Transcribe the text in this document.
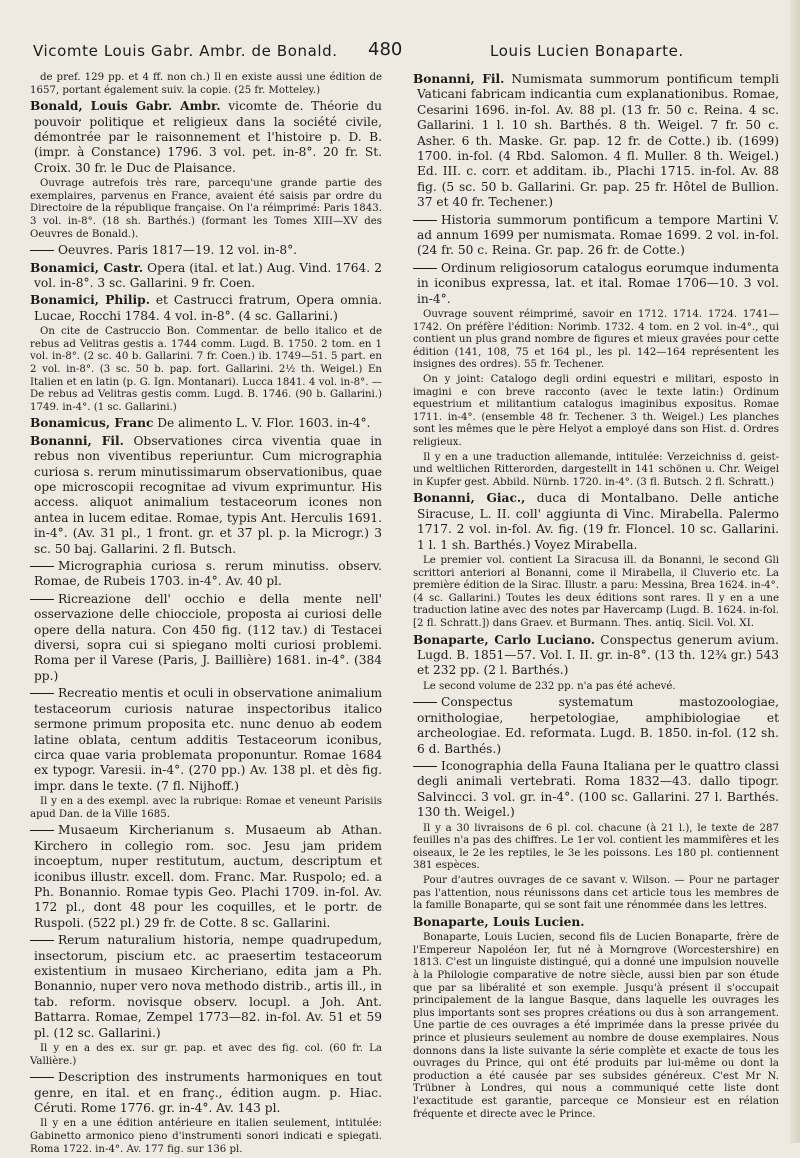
Vicomte Louis Gabr. Ambr. de Bonald. 480	Louis Lucien Bonaparte.

de pref. 129 pp. et 4 ff. non ch.) Il en existe aussi une édition de 1657, portant également suiv. la copie. (25 fr. Motteley.)

Bonald, Louis Gabr. Ambr. vicomte de. Théorie du pouvoir politique et religieux dans la société civile, démontrée par le raisonnement et l'histoire p. D. B. (impr. à Constance) 1796. 3 vol. pet. in-8°. 20 fr. St. Croix. 30 fr. le Duc de Plaisance.

Ouvrage autrefois très rare, parcequ'une grande partie des exemplaires, parvenus en France, avaient été saisis par ordre du Directoire de la république française. On l'a réimprimé: Paris 1843. 3 vol. in-8°. (18 sh. Barthés.) (formant les Tomes XIII—XV des Oeuvres de Bonald.).

Oeuvres. Paris 1817—19. 12 vol. in-8°.

Bonamici, Castr. Opera (ital. et lat.) Aug. Vind. 1764. 2 vol. in-8°. 3 sc. Gallarini. 9 fr. Coen.

Bonamici, Philip. et Castrucci fratrum, Opera omnia. Lucae, Rocchi 1784. 4 vol. in-8°. (4 sc. Gallarini.)

On cite de Castruccio Bon. Commentar. de bello italico et de rebus ad Velitras gestis a. 1744 comm. Lugd. B. 1750. 2 tom. en 1 vol. in-8°. (2 sc. 40 b. Gallarini. 7 fr. Coen.) ib. 1749—51. 5 part. en 2 vol. in-8°. (3 sc. 50 b. pap. fort. Gallarini. 2½ th. Weigel.) En Italien et en latin (p. G. Ign. Montanari). Lucca 1841. 4 vol. in-8°. — De rebus ad Velitras gestis comm. Lugd. B. 1746. (90 b. Gallarini.) 1749. in-4°. (1 sc. Gallarini.)

Bonamicus, Franc De alimento L. V. Flor. 1603. in-4°.

Bonanni, Fil. Observationes circa viventia quae in rebus non viventibus reperiuntur. Cum micrographia curiosa s. rerum minutissimarum observationibus, quae ope microscopii recognitae ad vivum exprimuntur. His access. aliquot animalium testaceorum icones non antea in lucem editae. Romae, typis Ant. Herculis 1691. in-4°. (Av. 31 pl., 1 front. gr. et 37 pl. p. la Microgr.) 3 sc. 50 baj. Gallarini. 2 fl. Butsch.

Micrographia curiosa s. rerum minutiss. observ. Romae, de Rubeis 1703. in-4°. Av. 40 pl.

Ricreazione dell' occhio e della mente nell' osservazione delle chiocciole, proposta ai curiosi delle opere della natura. Con 450 fig. (112 tav.) di Testacei diversi, sopra cui si spiegano molti curiosi problemi. Roma per il Varese (Paris, J. Baillière) 1681. in-4°. (384 pp.)

Recreatio mentis et oculi in observatione animalium testaceorum curiosis naturae inspectoribus italico sermone primum proposita etc. nunc denuo ab eodem latine oblata, centum additis Testaceorum iconibus, circa quae varia problemata proponuntur. Romae 1684 ex typogr. Varesii. in-4°. (270 pp.) Av. 138 pl. et dès fig. impr. dans le texte. (7 fl. Nijhoff.)

Il y en a des exempl. avec la rubrique: Romae et veneunt Parisiis apud Dan. de la Ville 1685.

Musaeum Kircherianum s. Musaeum ab Athan. Kirchero in collegio rom. soc. Jesu jam pridem incoeptum, nuper restitutum, auctum, descriptum et iconibus illustr. excell. dom. Franc. Mar. Ruspolo; ed. a Ph. Bonannio. Romae typis Geo. Plachi 1709. in-fol. Av. 172 pl., dont 48 pour les coquilles, et le portr. de Ruspoli. (522 pl.) 29 fr. de Cotte. 8 sc. Gallarini.

Rerum naturalium historia, nempe quadrupedum, insectorum, piscium etc. ac praesertim testaceorum existentium in musaeo Kircheriano, edita jam a Ph. Bonannio, nuper vero nova methodo distrib., artis ill., in tab. reform. novisque observ. locupl. a Joh. Ant. Battarra. Romae, Zempel 1773—82. in-fol. Av. 51 et 59 pl. (12 sc. Gallarini.)

Il y en a des ex. sur gr. pap. et avec des fig. col. (60 fr. La Vallière.)

Description des instruments harmoniques en tout genre, en ital. et en franç., édition augm. p. Hiac. Céruti. Rome 1776. gr. in-4°. Av. 143 pl.

Il y en a une édition antérieure en italien seulement, intitulée: Gabinetto armonico pieno d'instrumenti sonori indicati e spiegati. Roma 1722. in-4°. Av. 177 fig. sur 136 pl.

Bonanni, Fil. Numismata summorum pontificum templi Vaticani fabricam indicantia cum explanationibus. Romae, Cesarini 1696. in-fol. Av. 88 pl. (13 fr. 50 c. Reina. 4 sc. Gallarini. 1 l. 10 sh. Barthés. 8 th. Weigel. 7 fr. 50 c. Asher. 6 th. Maske. Gr. pap. 12 fr. de Cotte.) ib. (1699) 1700. in-fol. (4 Rbd. Salomon. 4 fl. Muller. 8 th. Weigel.) Ed. III. c. corr. et additam. ib., Plachi 1715. in-fol. Av. 88 fig. (5 sc. 50 b. Gallarini. Gr. pap. 25 fr. Hôtel de Bullion. 37 et 40 fr. Techener.)

Historia summorum pontificum a tempore Martini V. ad annum 1699 per numismata. Romae 1699. 2 vol. in-fol. (24 fr. 50 c. Reina. Gr. pap. 26 fr. de Cotte.)

Ordinum religiosorum catalogus eorumque indumenta in iconibus expressa, lat. et ital. Romae 1706—10. 3 vol. in-4°.

Ouvrage souvent réimprimé, savoir en 1712. 1714. 1724. 1741—1742. On préfère l'édition: Norimb. 1732. 4 tom. en 2 vol. in-4°., qui contient un plus grand nombre de figures et mieux gravées pour cette édition (141, 108, 75 et 164 pl., les pl. 142—164 représentent les insignes des ordres). 55 fr. Techener.

On y joint: Catalogo degli ordini equestri e militari, esposto in imagini e con breve racconto (avec le texte latin:) Ordinum equestrium et militantium catalogus imaginibus expositus. Romae 1711. in-4°. (ensemble 48 fr. Techener. 3 th. Weigel.) Les planches sont les mêmes que le père Helyot a employé dans son Hist. d. Ordres religieux.

Il y en a une traduction allemande, intitulée: Verzeichniss d. geist- und weltlichen Ritterorden, dargestellt in 141 schönen u. Chr. Weigel in Kupfer gest. Abbild. Nürnb. 1720. in-4°. (3 fl. Butsch. 2 fl. Schratt.)

Bonanni, Giac., duca di Montalbano. Delle antiche Siracuse, L. II. coll' aggiunta di Vinc. Mirabella. Palermo 1717. 2 vol. in-fol. Av. fig. (19 fr. Floncel. 10 sc. Gallarini. 1 l. 1 sh. Barthés.) Voyez Mirabella.

Le premier vol. contient La Siracusa ill. da Bonanni, le second Gli scrittori anteriori al Bonanni, come il Mirabella, il Cluverio etc. La première édition de la Sirac. Illustr. a paru: Messina, Brea 1624. in-4°. (4 sc. Gallarini.) Toutes les deux éditions sont rares. Il y en a une traduction latine avec des notes par Havercamp (Lugd. B. 1624. in-fol. [2 fl. Schratt.]) dans Graev. et Burmann. Thes. antiq. Sicil. Vol. XI.

Bonaparte, Carlo Luciano. Conspectus generum avium. Lugd. B. 1851—57. Vol. I. II. gr. in-8°. (13 th. 12¾ gr.) 543 et 232 pp. (2 l. Barthés.)

Le second volume de 232 pp. n'a pas été achevé.

Conspectus systematum mastozoologiae, ornithologiae, herpetologiae, amphibiologiae et archeologiae. Ed. reformata. Lugd. B. 1850. in-fol. (12 sh. 6 d. Barthés.)

Iconographia della Fauna Italiana per le quattro classi degli animali vertebrati. Roma 1832—43. dallo tipogr. Salvincci. 3 vol. gr. in-4°. (100 sc. Gallarini. 27 l. Barthés. 130 th. Weigel.)

Il y a 30 livraisons de 6 pl. col. chacune (à 21 l.), le texte de 287 feuilles n'a pas des chiffres. Le 1er vol. contient les mammifères et les oiseaux, le 2e les reptiles, le 3e les poissons. Les 180 pl. contiennent 381 espèces.

Pour d'autres ouvrages de ce savant v. Wilson. — Pour ne partager pas l'attention, nous réunissons dans cet article tous les membres de la famille Bonaparte, qui se sont fait une rénommée dans les lettres.

Bonaparte, Louis Lucien.

Bonaparte, Louis Lucien, second fils de Lucien Bonaparte, frère de l'Empereur Napoléon Ier, fut né à Morngrove (Worcestershire) en 1813. C'est un linguiste distingué, qui a donné une impulsion nouvelle à la Philologie comparative de notre siècle, aussi bien par son étude que par sa libéralité et son exemple. Jusqu'à présent il s'occupait principalement de la langue Basque, dans laquelle les ouvrages les plus importants sont ses propres créations ou dus à son arrangement. Une partie de ces ouvrages a été imprimée dans la presse privée du prince et plusieurs seulement au nombre de douse exemplaires. Nous donnons dans la liste suivante la série complète et exacte de tous les ouvrages du Prince, qui ont été produits par lui-même ou dont la production a été causée par ses subsides généreux. C'est Mr N. Trübner à Londres, qui nous a communiqué cette liste dont l'exactitude est garantie, parceque ce Monsieur est en rélation fréquente et directe avec le Prince.
